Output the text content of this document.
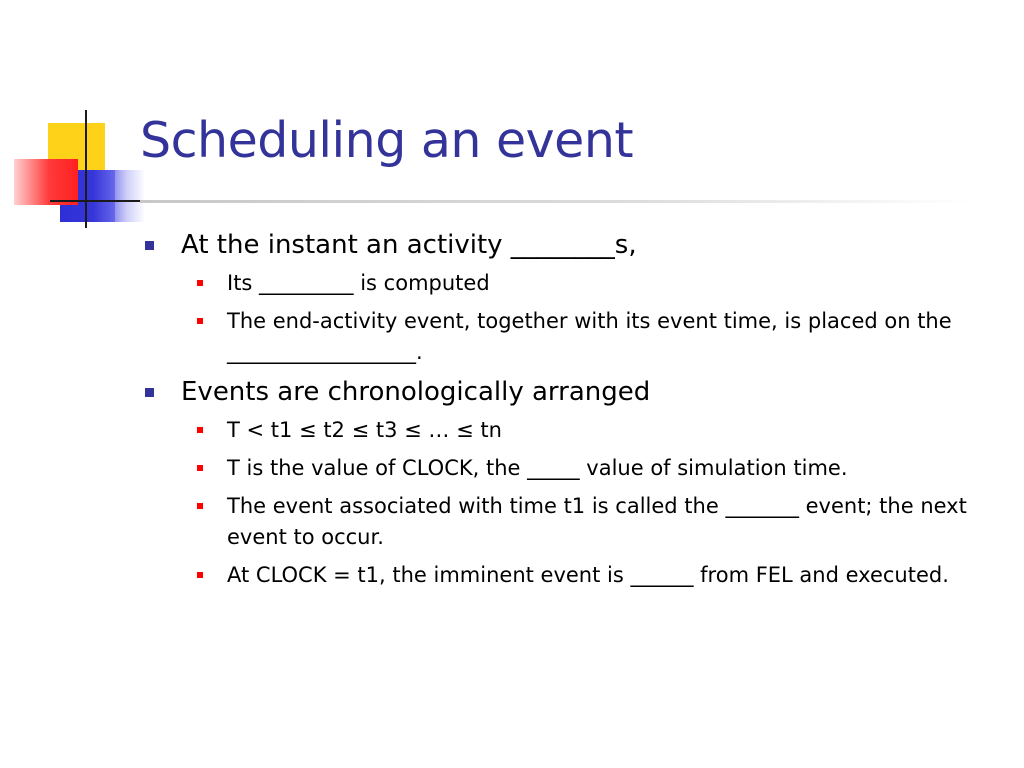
Scheduling an event
At the instant an activity ________s,
Its _________ is computed
The end-activity event, together with its event time, is placed on the __________________.
Events are chronologically arranged
T < t1 ≤ t2 ≤ t3 ≤ … ≤ tn
T is the value of CLOCK, the _____ value of simulation time.
The event associated with time t1 is called the _______ event; the next event to occur.
At CLOCK = t1, the imminent event is ______ from FEL and executed.
